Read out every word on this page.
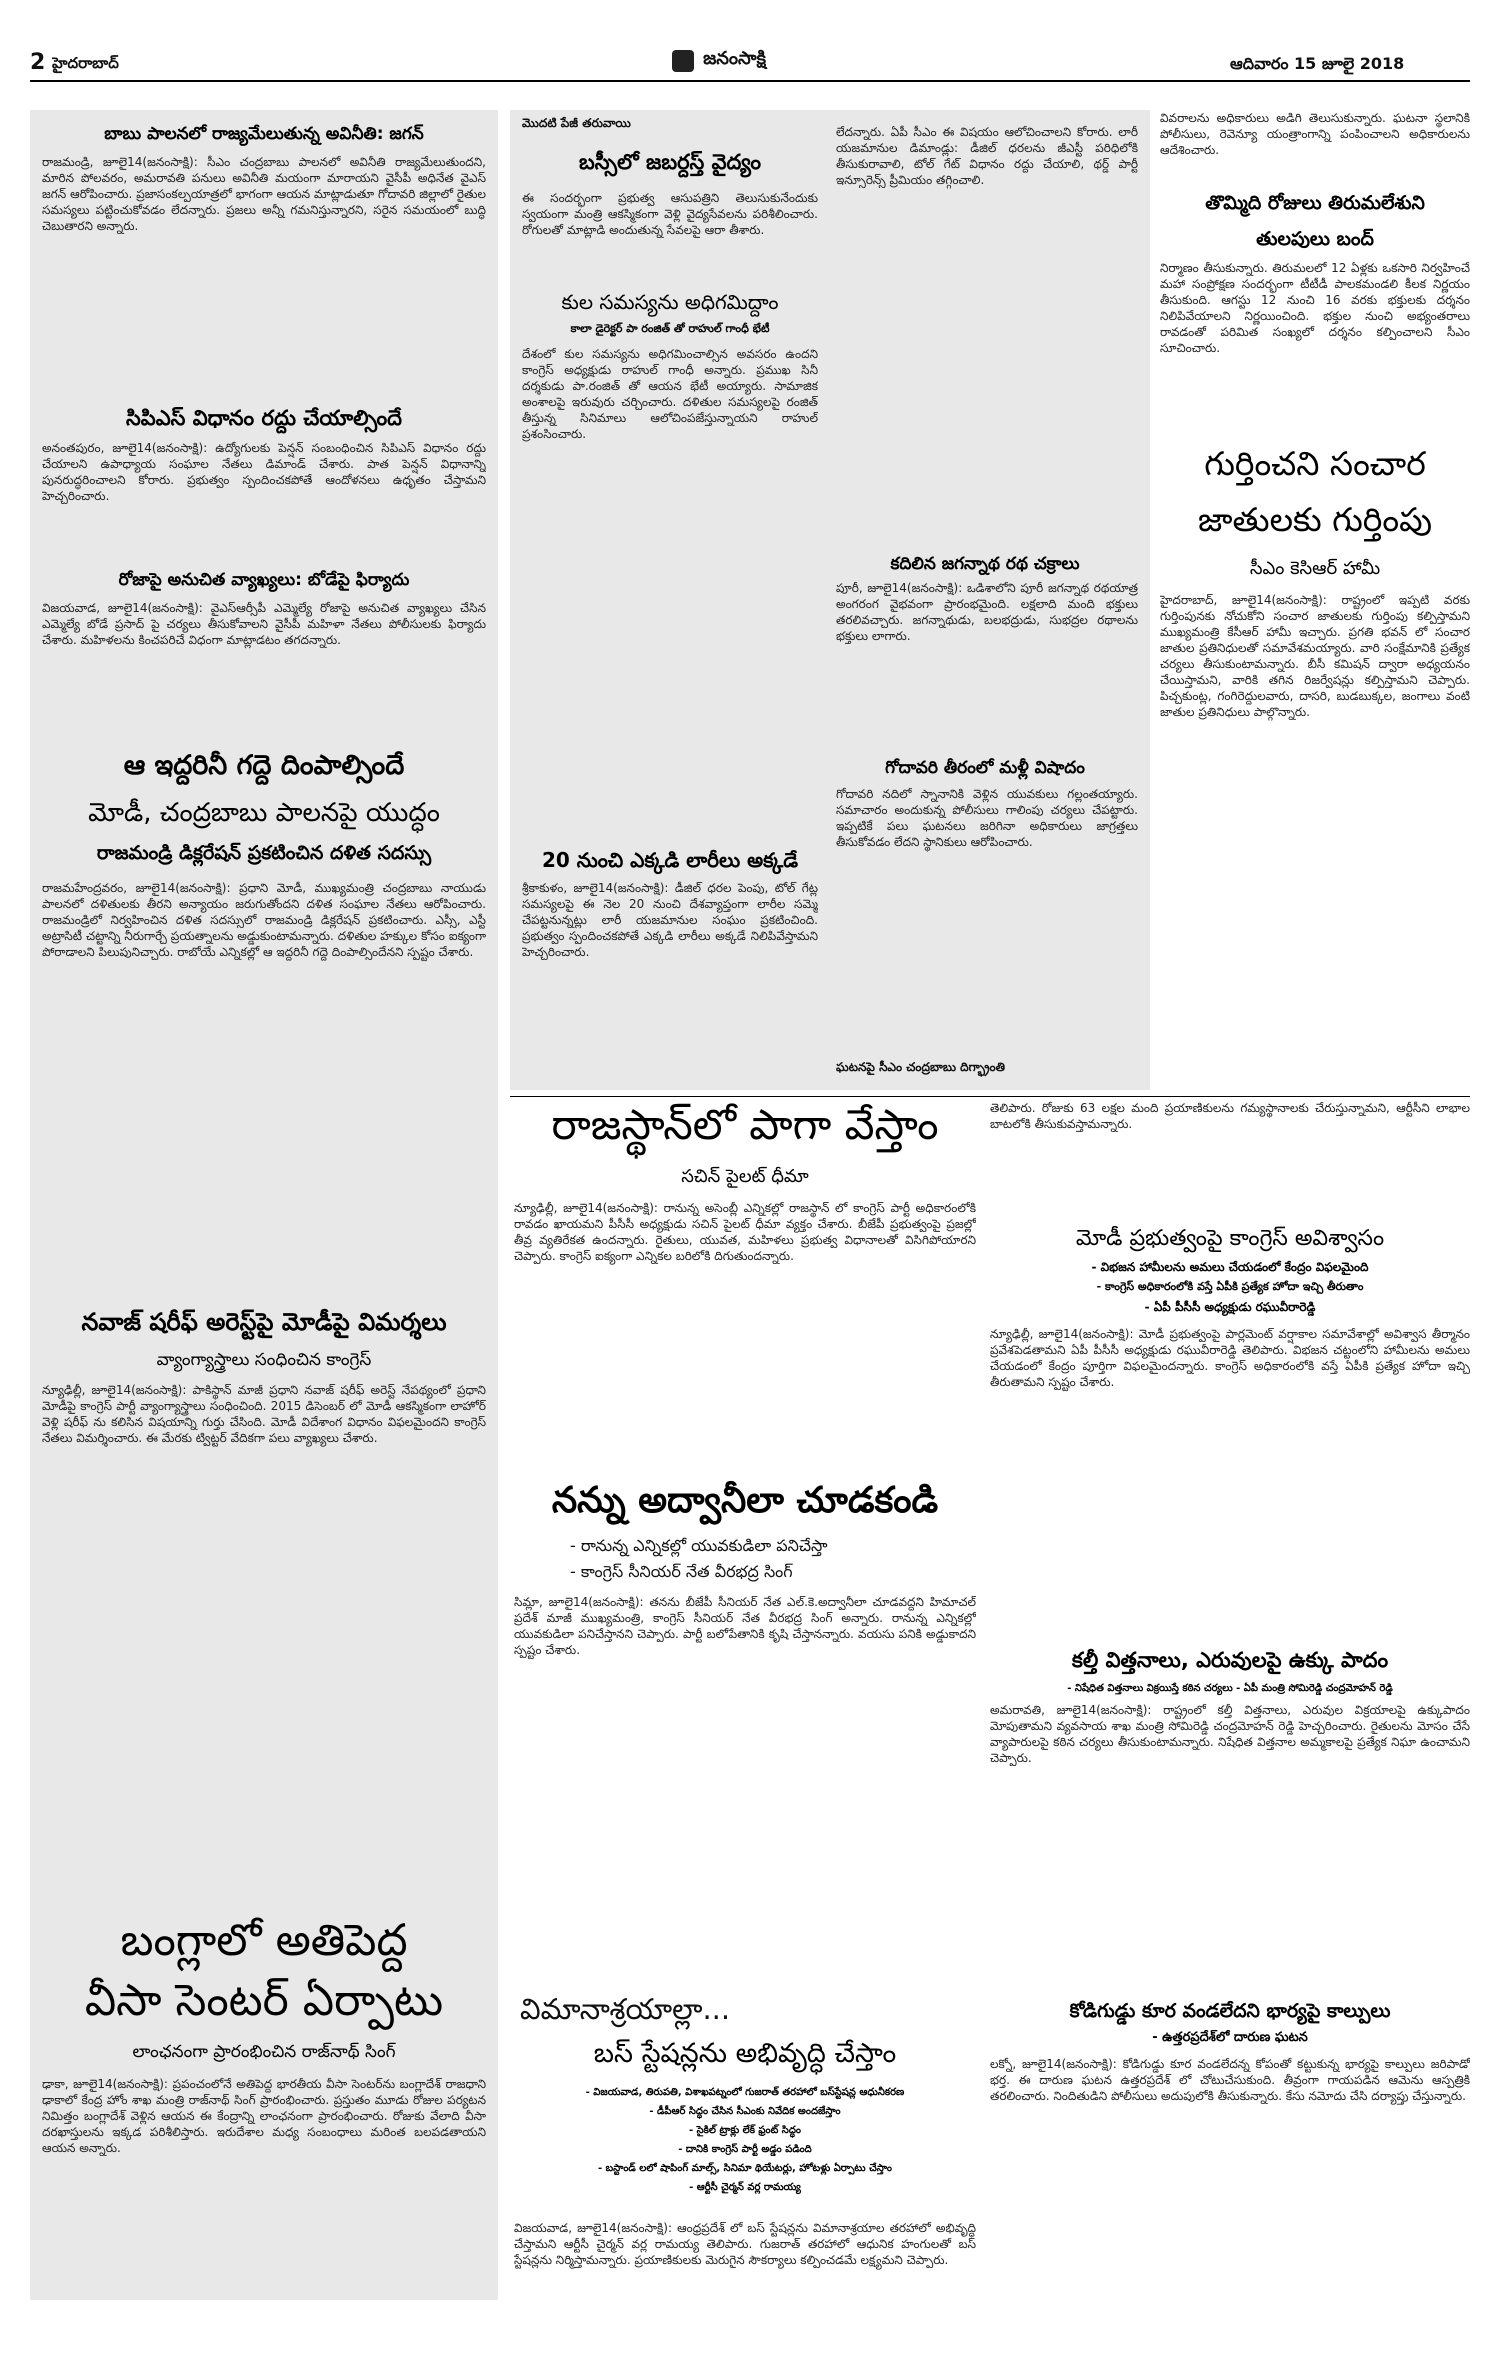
2 హైదరాబాద్	జనంసాక్షి	ఆదివారం 15 జూలై 2018
బాబు పాలనలో రాజ్యమేలుతున్న అవినీతి: జగన్

రాజమండ్రి, జూలై14(జనంసాక్షి): సీఎం చంద్రబాబు పాలనలో అవినీతి రాజ్యమేలుతుందని, మారిన పోలవరం, అమరావతి పనులు అవినీతి మయంగా మారాయని వైసీపీ అధినేత వైఎస్ జగన్ ఆరోపించారు. ప్రజాసంకల్పయాత్రలో భాగంగా ఆయన మాట్లాడుతూ గోదావరి జిల్లాలో రైతుల సమస్యలు పట్టించుకోవడం లేదన్నారు. ప్రజలు అన్నీ గమనిస్తున్నారని, సరైన సమయంలో బుద్ధి చెబుతారని అన్నారు.

సిపిఎస్ విధానం రద్దు చేయాల్సిందే

అనంతపురం, జూలై14(జనంసాక్షి): ఉద్యోగులకు పెన్షన్ సంబంధించిన సిపిఎస్ విధానం రద్దు చేయాలని ఉపాధ్యాయ సంఘాల నేతలు డిమాండ్ చేశారు. పాత పెన్షన్ విధానాన్ని పునరుద్ధరించాలని కోరారు. ప్రభుత్వం స్పందించకపోతే ఆందోళనలు ఉధృతం చేస్తామని హెచ్చరించారు.

రోజాపై అనుచిత వ్యాఖ్యలు: బోడేపై ఫిర్యాదు

విజయవాడ, జూలై14(జనంసాక్షి): వైఎస్ఆర్సీపీ ఎమ్మెల్యే రోజాపై అనుచిత వ్యాఖ్యలు చేసిన ఎమ్మెల్యే బోడే ప్రసాద్ పై చర్యలు తీసుకోవాలని వైసీపీ మహిళా నేతలు పోలీసులకు ఫిర్యాదు చేశారు. మహిళలను కించపరిచే విధంగా మాట్లాడటం తగదన్నారు.

ఆ ఇద్దరినీ గద్దె దింపాల్సిందే
మోడీ, చంద్రబాబు పాలనపై యుద్ధం
రాజమండ్రి డిక్లరేషన్ ప్రకటించిన దళిత సదస్సు

రాజమహేంద్రవరం, జూలై14(జనంసాక్షి): ప్రధాని మోడీ, ముఖ్యమంత్రి చంద్రబాబు నాయుడు పాలనలో దళితులకు తీరని అన్యాయం జరుగుతోందని దళిత సంఘాల నేతలు ఆరోపించారు. రాజమండ్రిలో నిర్వహించిన దళిత సదస్సులో రాజమండ్రి డిక్లరేషన్ ప్రకటించారు. ఎస్సీ, ఎస్టీ అట్రాసిటీ చట్టాన్ని నీరుగార్చే ప్రయత్నాలను అడ్డుకుంటామన్నారు. దళితుల హక్కుల కోసం ఐక్యంగా పోరాడాలని పిలుపునిచ్చారు. రాబోయే ఎన్నికల్లో ఆ ఇద్దరినీ గద్దె దింపాల్సిందేనని స్పష్టం చేశారు.

నవాజ్ షరీఫ్ అరెస్ట్‌పై మోడీపై విమర్శలు
వ్యాంగ్యాస్త్రాలు సంధించిన కాంగ్రెస్

న్యూఢిల్లీ, జూలై14(జనంసాక్షి): పాకిస్థాన్ మాజీ ప్రధాని నవాజ్ షరీఫ్ అరెస్ట్ నేపథ్యంలో ప్రధాని మోడీపై కాంగ్రెస్ పార్టీ వ్యాంగ్యాస్త్రాలు సంధించింది. 2015 డిసెంబర్ లో మోడీ ఆకస్మికంగా లాహోర్ వెళ్లి షరీఫ్ ను కలిసిన విషయాన్ని గుర్తు చేసింది. మోడీ విదేశాంగ విధానం విఫలమైందని కాంగ్రెస్ నేతలు విమర్శించారు. ఈ మేరకు ట్విట్టర్ వేదికగా పలు వ్యాఖ్యలు చేశారు.

బంగ్లాలో అతిపెద్ద
వీసా సెంటర్ ఏర్పాటు
లాంఛనంగా ప్రారంభించిన రాజ్‌నాథ్ సింగ్

ఢాకా, జూలై14(జనంసాక్షి): ప్రపంచంలోనే అతిపెద్ద భారతీయ వీసా సెంటర్‌ను బంగ్లాదేశ్ రాజధాని ఢాకాలో కేంద్ర హోం శాఖ మంత్రి రాజ్‌నాథ్ సింగ్ ప్రారంభించారు. ప్రస్తుతం మూడు రోజుల పర్యటన నిమిత్తం బంగ్లాదేశ్ వెళ్లిన ఆయన ఈ కేంద్రాన్ని లాంఛనంగా ప్రారంభించారు. రోజుకు వేలాది వీసా దరఖాస్తులను ఇక్కడ పరిశీలిస్తారు. ఇరుదేశాల మధ్య సంబంధాలు మరింత బలపడతాయని ఆయన అన్నారు.

మొదటి పేజీ తరువాయి
బస్సీలో జబర్దస్త్ వైద్యం

ఈ సందర్భంగా ప్రభుత్వ ఆసుపత్రిని తెలుసుకునేందుకు స్వయంగా మంత్రి ఆకస్మికంగా వెళ్లి వైద్యసేవలను పరిశీలించారు. రోగులతో మాట్లాడి అందుతున్న సేవలపై ఆరా తీశారు.

కుల సమస్యను అధిగమిద్దాం
కాలా డైరెక్టర్ పా రంజిత్ తో రాహుల్ గాంధీ భేటీ

దేశంలో కుల సమస్యను అధిగమించాల్సిన అవసరం ఉందని కాంగ్రెస్ అధ్యక్షుడు రాహుల్ గాంధీ అన్నారు. ప్రముఖ సినీ దర్శకుడు పా.రంజిత్ తో ఆయన భేటీ అయ్యారు. సామాజిక అంశాలపై ఇరువురు చర్చించారు. దళితుల సమస్యలపై రంజిత్ తీస్తున్న సినిమాలు ఆలోచింపజేస్తున్నాయని రాహుల్ ప్రశంసించారు.

20 నుంచి ఎక్కడి లారీలు అక్కడే

శ్రీకాకుళం, జూలై14(జనంసాక్షి): డీజిల్ ధరల పెంపు, టోల్ గేట్ల సమస్యలపై ఈ నెల 20 నుంచి దేశవ్యాప్తంగా లారీల సమ్మె చేపట్టనున్నట్లు లారీ యజమానుల సంఘం ప్రకటించింది. ప్రభుత్వం స్పందించకపోతే ఎక్కడి లారీలు అక్కడే నిలిపివేస్తామని హెచ్చరించారు.

లేదన్నారు. ఏపీ సీఎం ఈ విషయం ఆలోచించాలని కోరారు. లారీ యజమానుల డిమాండ్లు: డీజిల్ ధరలను జీఎస్టీ పరిధిలోకి తీసుకురావాలి, టోల్ గేట్ విధానం రద్దు చేయాలి, థర్డ్ పార్టీ ఇన్సూరెన్స్ ప్రీమియం తగ్గించాలి.

కదిలిన జగన్నాథ రథ చక్రాలు

పూరీ, జూలై14(జనంసాక్షి): ఒడిశాలోని పూరీ జగన్నాథ రథయాత్ర అంగరంగ వైభవంగా ప్రారంభమైంది. లక్షలాది మంది భక్తులు తరలివచ్చారు. జగన్నాథుడు, బలభద్రుడు, సుభద్రల రథాలను భక్తులు లాగారు.

గోదావరి తీరంలో మళ్లీ విషాదం

గోదావరి నదిలో స్నానానికి వెళ్లిన యువకులు గల్లంతయ్యారు. సమాచారం అందుకున్న పోలీసులు గాలింపు చర్యలు చేపట్టారు. ఇప్పటికే పలు ఘటనలు జరిగినా అధికారులు జాగ్రత్తలు తీసుకోవడం లేదని స్థానికులు ఆరోపించారు.

ఘటనపై సీఎం చంద్రబాబు దిగ్భ్రాంతి

వివరాలను అధికారులు అడిగి తెలుసుకున్నారు. ఘటనా స్థలానికి పోలీసులు, రెవెన్యూ యంత్రాంగాన్ని పంపించాలని అధికారులను ఆదేశించారు.

తొమ్మిది రోజులు తిరుమలేశుని
తులపులు బంద్

నిర్మాణం తీసుకున్నారు. తిరుమలలో 12 ఏళ్లకు ఒకసారి నిర్వహించే మహా సంప్రోక్షణ సందర్భంగా టీటీడీ పాలకమండలి కీలక నిర్ణయం తీసుకుంది. ఆగస్టు 12 నుంచి 16 వరకు భక్తులకు దర్శనం నిలిపివేయాలని నిర్ణయించింది. భక్తుల నుంచి అభ్యంతరాలు రావడంతో పరిమిత సంఖ్యలో దర్శనం కల్పించాలని సీఎం సూచించారు.

గుర్తించని సంచార
జాతులకు గుర్తింపు
సీఎం కెసిఆర్ హామీ

హైదరాబాద్, జూలై14(జనంసాక్షి): రాష్ట్రంలో ఇప్పటి వరకు గుర్తింపునకు నోచుకోని సంచార జాతులకు గుర్తింపు కల్పిస్తామని ముఖ్యమంత్రి కేసీఆర్ హామీ ఇచ్చారు. ప్రగతి భవన్ లో సంచార జాతుల ప్రతినిధులతో సమావేశమయ్యారు. వారి సంక్షేమానికి ప్రత్యేక చర్యలు తీసుకుంటామన్నారు. బీసీ కమిషన్ ద్వారా అధ్యయనం చేయిస్తామని, వారికి తగిన రిజర్వేషన్లు కల్పిస్తామని చెప్పారు. పిచ్చకుంట్ల, గంగిరెద్దులవారు, దాసరి, బుడబుక్కల, జంగాలు వంటి జాతుల ప్రతినిధులు పాల్గొన్నారు.

రాజస్థాన్‌లో పాగా వేస్తాం
సచిన్ పైలట్ ధీమా

న్యూఢిల్లీ, జూలై14(జనంసాక్షి): రానున్న అసెంబ్లీ ఎన్నికల్లో రాజస్థాన్ లో కాంగ్రెస్ పార్టీ అధికారంలోకి రావడం ఖాయమని పీసీసీ అధ్యక్షుడు సచిన్ పైలట్ ధీమా వ్యక్తం చేశారు. బీజేపీ ప్రభుత్వంపై ప్రజల్లో తీవ్ర వ్యతిరేకత ఉందన్నారు. రైతులు, యువత, మహిళలు ప్రభుత్వ విధానాలతో విసిగిపోయారని చెప్పారు. కాంగ్రెస్ ఐక్యంగా ఎన్నికల బరిలోకి దిగుతుందన్నారు.

నన్ను అద్వానీలా చూడకండి
- రానున్న ఎన్నికల్లో యువకుడిలా పనిచేస్తా
- కాంగ్రెస్ సీనియర్ నేత వీరభద్ర సింగ్

సిమ్లా, జూలై14(జనంసాక్షి): తనను బీజేపీ సీనియర్ నేత ఎల్.కె.అద్వానీలా చూడవద్దని హిమాచల్ ప్రదేశ్ మాజీ ముఖ్యమంత్రి, కాంగ్రెస్ సీనియర్ నేత వీరభద్ర సింగ్ అన్నారు. రానున్న ఎన్నికల్లో యువకుడిలా పనిచేస్తానని చెప్పారు. పార్టీ బలోపేతానికి కృషి చేస్తానన్నారు. వయసు పనికి అడ్డుకాదని స్పష్టం చేశారు.

విమానాశ్రయాల్లా...
బస్ స్టేషన్లను అభివృద్ధి చేస్తాం
- విజయవాడ, తిరుపతి, విశాఖపట్నంలో గుజరాత్ తరహాలో బస్‌స్టేషన్ల ఆధునీకరణ
- డీపీఆర్ సిద్ధం చేసిన సీఎంకు నివేదిక అందజేస్తాం
- సైకిల్ ట్రాక్లు లేక్ ఫ్రంట్ సిద్ధం
- దానికి కాంగ్రెస్ పార్టీ అడ్డం పడింది
- బస్టాండ్ లలో షాపింగ్ మాల్స్, సినిమా థియేటర్లు, హోటళ్లు ఏర్పాటు చేస్తాం
- ఆర్టీసీ చైర్మన్ వర్ల రామయ్య

విజయవాడ, జూలై14(జనంసాక్షి): ఆంధ్రప్రదేశ్ లో బస్ స్టేషన్లను విమానాశ్రయాల తరహాలో అభివృద్ధి చేస్తామని ఆర్టీసీ చైర్మన్ వర్ల రామయ్య తెలిపారు. గుజరాత్ తరహాలో ఆధునిక హంగులతో బస్ స్టేషన్లను నిర్మిస్తామన్నారు. ప్రయాణికులకు మెరుగైన సౌకర్యాలు కల్పించడమే లక్ష్యమని చెప్పారు.

తెలిపారు. రోజుకు 63 లక్షల మంది ప్రయాణికులను గమ్యస్థానాలకు చేరుస్తున్నామని, ఆర్టీసీని లాభాల బాటలోకి తీసుకువస్తామన్నారు.

మోడీ ప్రభుత్వంపై కాంగ్రెస్ అవిశ్వాసం
- విభజన హామీలను అమలు చేయడంలో కేంద్రం విఫలమైంది
- కాంగ్రెస్ అధికారంలోకి వస్తే ఏపీకి ప్రత్యేక హోదా ఇచ్చి తీరుతాం
- ఏపీ పీసీసీ అధ్యక్షుడు రఘువీరారెడ్డి

న్యూఢిల్లీ, జూలై14(జనంసాక్షి): మోడీ ప్రభుత్వంపై పార్లమెంట్ వర్షాకాల సమావేశాల్లో అవిశ్వాస తీర్మానం ప్రవేశపెడతామని ఏపీ పీసీసీ అధ్యక్షుడు రఘువీరారెడ్డి తెలిపారు. విభజన చట్టంలోని హామీలను అమలు చేయడంలో కేంద్రం పూర్తిగా విఫలమైందన్నారు. కాంగ్రెస్ అధికారంలోకి వస్తే ఏపీకి ప్రత్యేక హోదా ఇచ్చి తీరుతామని స్పష్టం చేశారు.

కల్తీ విత్తనాలు, ఎరువులపై ఉక్కు పాదం
- నిషేధిత విత్తనాలు విక్రయిస్తే కఠిన చర్యలు - ఏపీ మంత్రి సోమిరెడ్డి చంద్రమోహన్ రెడ్డి

అమరావతి, జూలై14(జనంసాక్షి): రాష్ట్రంలో కల్తీ విత్తనాలు, ఎరువుల విక్రయాలపై ఉక్కుపాదం మోపుతామని వ్యవసాయ శాఖ మంత్రి సోమిరెడ్డి చంద్రమోహన్ రెడ్డి హెచ్చరించారు. రైతులను మోసం చేసే వ్యాపారులపై కఠిన చర్యలు తీసుకుంటామన్నారు. నిషేధిత విత్తనాల అమ్మకాలపై ప్రత్యేక నిఘా ఉంచామని చెప్పారు.

కోడిగుడ్డు కూర వండలేదని భార్యపై కాల్పులు
- ఉత్తరప్రదేశ్‌లో దారుణ ఘటన

లక్నో, జూలై14(జనంసాక్షి): కోడిగుడ్డు కూర వండలేదన్న కోపంతో కట్టుకున్న భార్యపై కాల్పులు జరిపాడో భర్త. ఈ దారుణ ఘటన ఉత్తరప్రదేశ్ లో చోటుచేసుకుంది. తీవ్రంగా గాయపడిన ఆమెను ఆస్పత్రికి తరలించారు. నిందితుడిని పోలీసులు అదుపులోకి తీసుకున్నారు. కేసు నమోదు చేసి దర్యాప్తు చేస్తున్నారు.
